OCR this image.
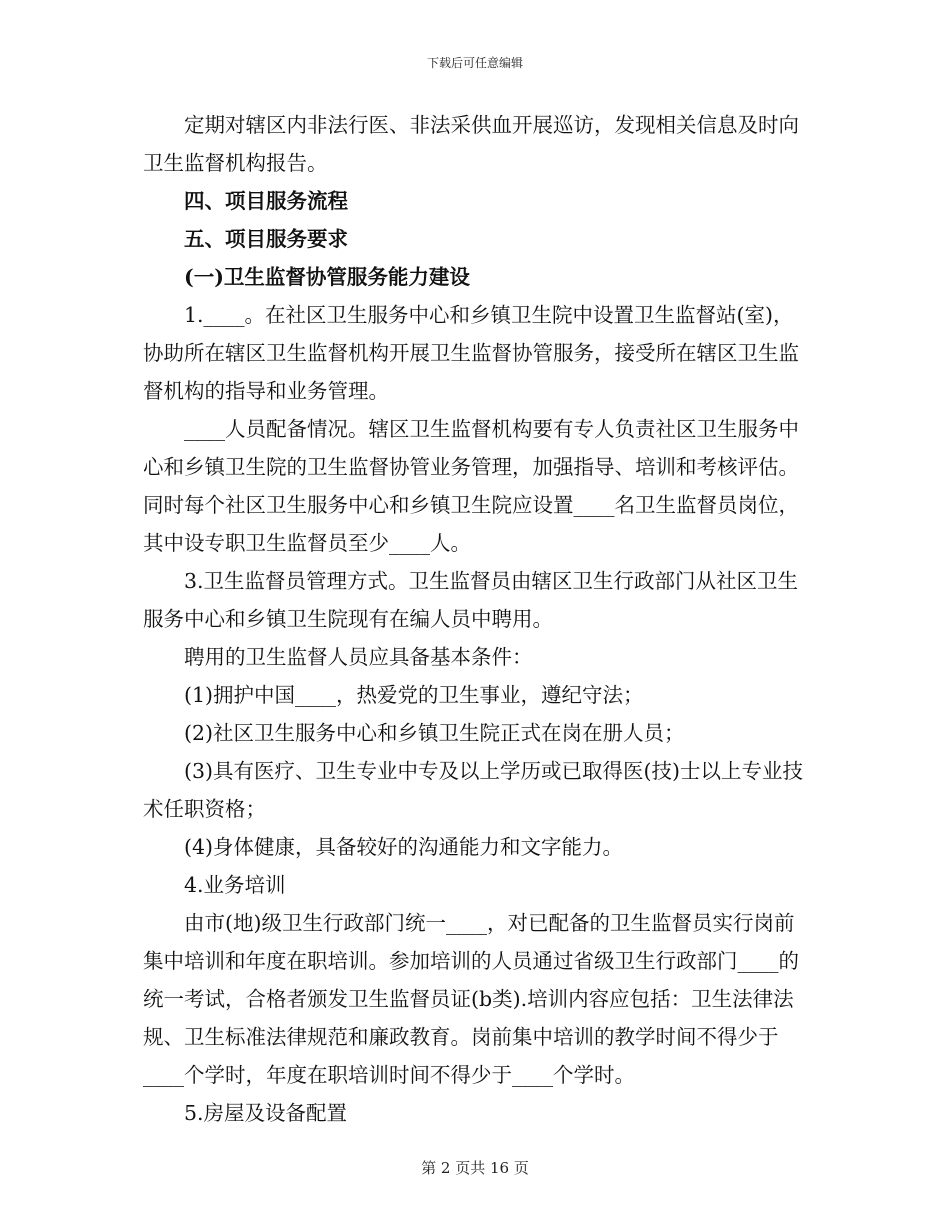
下载后可任意编辑

定期对辖区内非法行医、非法采供血开展巡访，发现相关信息及时向卫生监督机构报告。

四、项目服务流程

五、项目服务要求

(一)卫生监督协管服务能力建设

1.____。在社区卫生服务中心和乡镇卫生院中设置卫生监督站(室)，协助所在辖区卫生监督机构开展卫生监督协管服务，接受所在辖区卫生监督机构的指导和业务管理。

____人员配备情况。辖区卫生监督机构要有专人负责社区卫生服务中心和乡镇卫生院的卫生监督协管业务管理，加强指导、培训和考核评估。同时每个社区卫生服务中心和乡镇卫生院应设置____名卫生监督员岗位，其中设专职卫生监督员至少____人。

3.卫生监督员管理方式。卫生监督员由辖区卫生行政部门从社区卫生服务中心和乡镇卫生院现有在编人员中聘用。

聘用的卫生监督人员应具备基本条件：

(1)拥护中国____，热爱党的卫生事业，遵纪守法；

(2)社区卫生服务中心和乡镇卫生院正式在岗在册人员；

(3)具有医疗、卫生专业中专及以上学历或已取得医(技)士以上专业技术任职资格；

(4)身体健康，具备较好的沟通能力和文字能力。

4.业务培训

由市(地)级卫生行政部门统一____，对已配备的卫生监督员实行岗前集中培训和年度在职培训。参加培训的人员通过省级卫生行政部门____的统一考试，合格者颁发卫生监督员证(b类).培训内容应包括：卫生法律法规、卫生标准法律规范和廉政教育。岗前集中培训的教学时间不得少于____个学时，年度在职培训时间不得少于____个学时。

5.房屋及设备配置

第 2 页共 16 页
